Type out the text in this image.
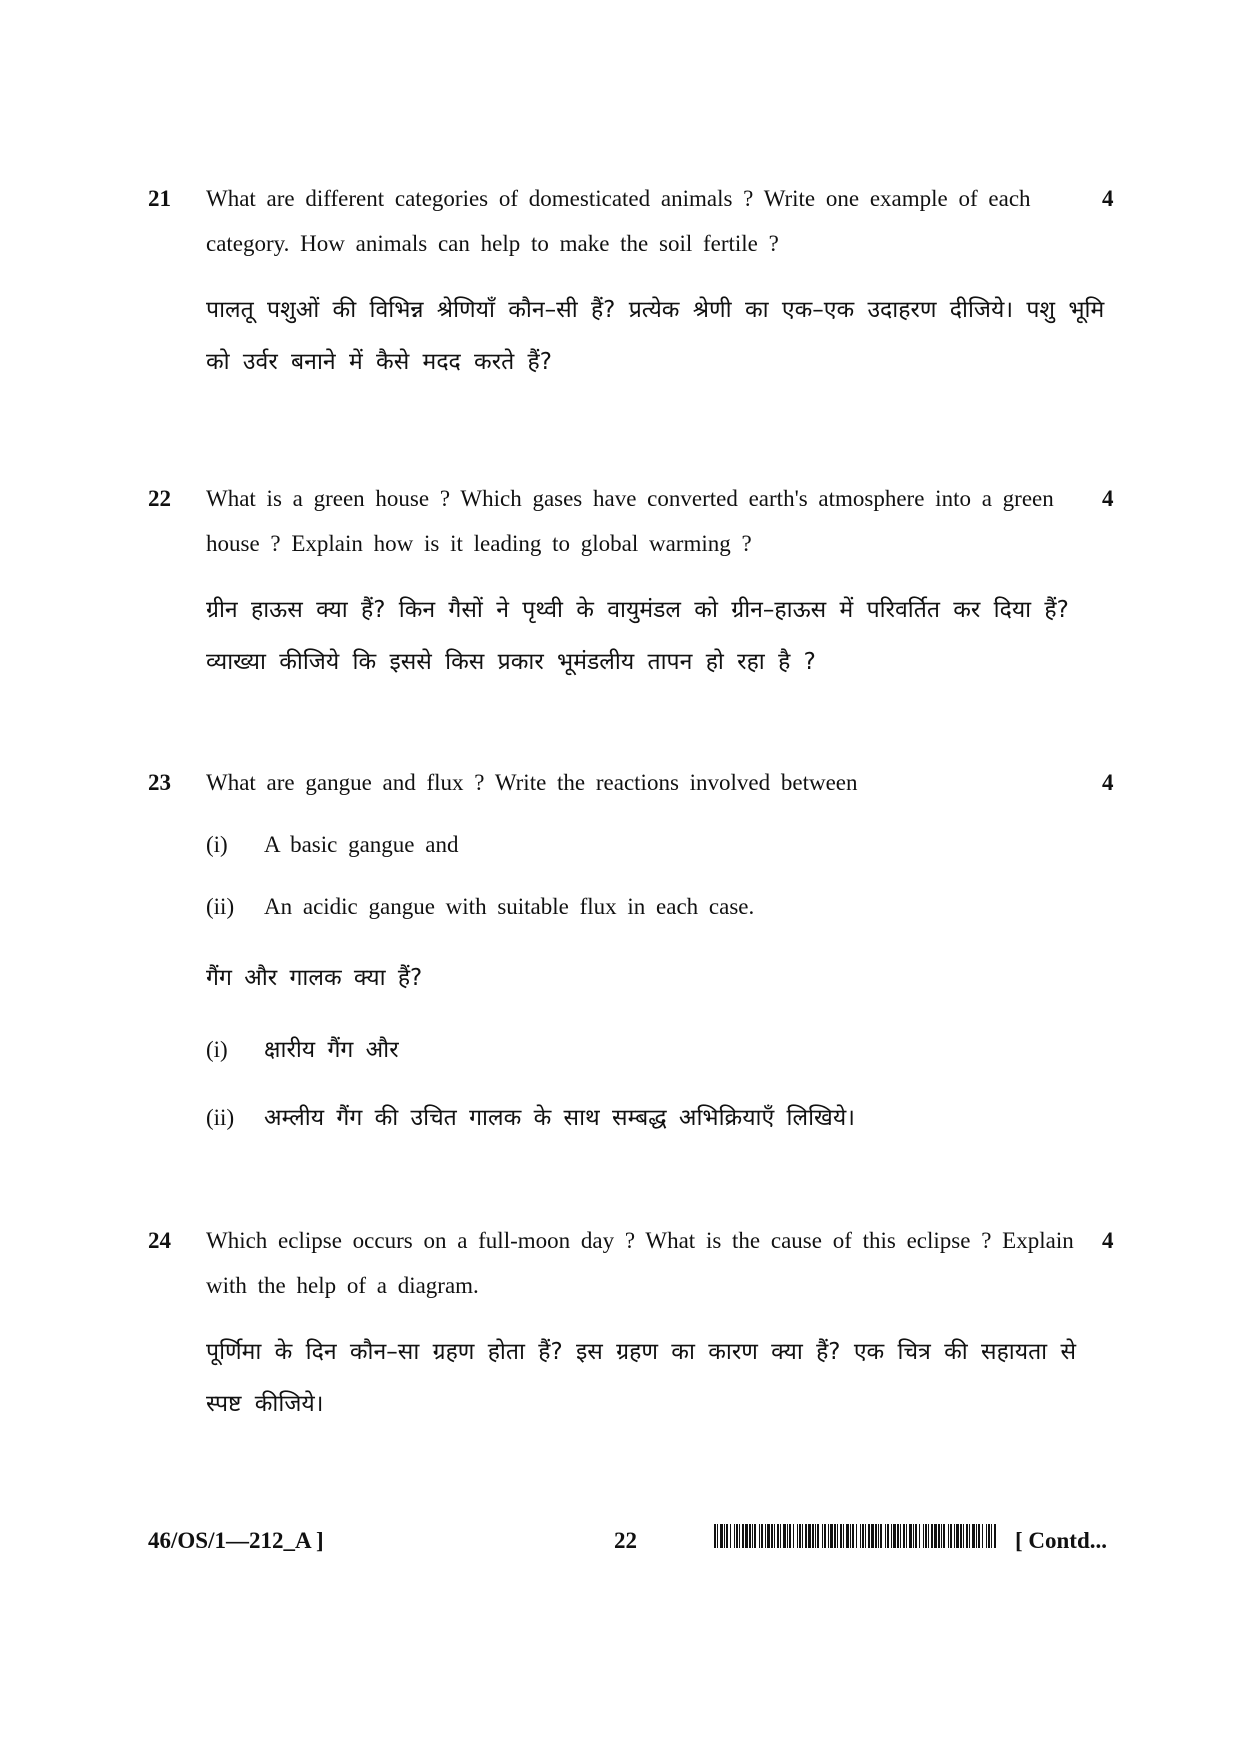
21	4

What are different categories of domesticated animals ? Write one example of each category. How animals can help to make the soil fertile ?

पालतू पशुओं की विभिन्न श्रेणियाँ कौन–सी हैं? प्रत्येक श्रेणी का एक–एक उदाहरण दीजिये। पशु भूमि को उर्वर बनाने में कैसे मदद करते हैं?

22	4

What is a green house ? Which gases have converted earth's atmosphere into a green house ? Explain how is it leading to global warming ?

ग्रीन हाऊस क्या हैं? किन गैसों ने पृथ्वी के वायुमंडल को ग्रीन–हाऊस में परिवर्तित कर दिया हैं? व्याख्या कीजिये कि इससे किस प्रकार भूमंडलीय तापन हो रहा है ?

23	4

What are gangue and flux ? Write the reactions involved between

(i) A basic gangue and
(ii) An acidic gangue with suitable flux in each case.
गैंग और गालक क्या हैं?
(i) क्षारीय गैंग और
(ii) अम्लीय गैंग की उचित गालक के साथ सम्बद्ध अभिक्रियाएँ लिखिये।
24	4

Which eclipse occurs on a full-moon day ? What is the cause of this eclipse ? Explain with the help of a diagram.

पूर्णिमा के दिन कौन–सा ग्रहण होता हैं? इस ग्रहण का कारण क्या हैं? एक चित्र की सहायता से स्पष्ट कीजिये।

46/OS/1—212_A ]	22	[ Contd...
